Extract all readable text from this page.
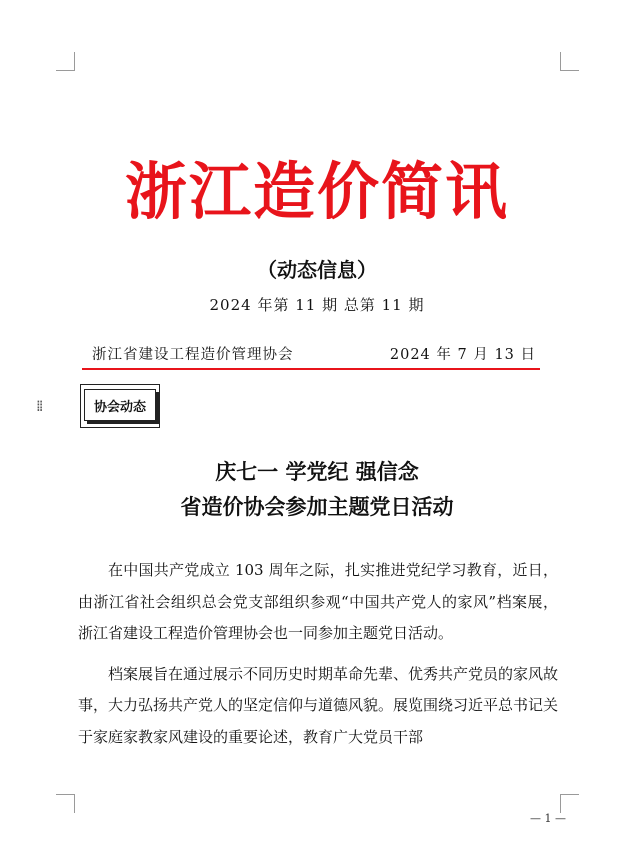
浙江造价简讯
（动态信息）
2024 年第 11 期 总第 11 期
浙江省建设工程造价管理协会	2024 年 7 月 13 日
⁞⁞	协会动态
庆七一 学党纪 强信念
省造价协会参加主题党日活动

在中国共产党成立 103 周年之际，扎实推进党纪学习教育，近日，由浙江省社会组织总会党支部组织参观“中国共产党人的家风”档案展，浙江省建设工程造价管理协会也一同参加主题党日活动。

档案展旨在通过展示不同历史时期革命先辈、优秀共产党员的家风故事，大力弘扬共产党人的坚定信仰与道德风貌。展览围绕习近平总书记关于家庭家教家风建设的重要论述，教育广大党员干部

— 1 —
